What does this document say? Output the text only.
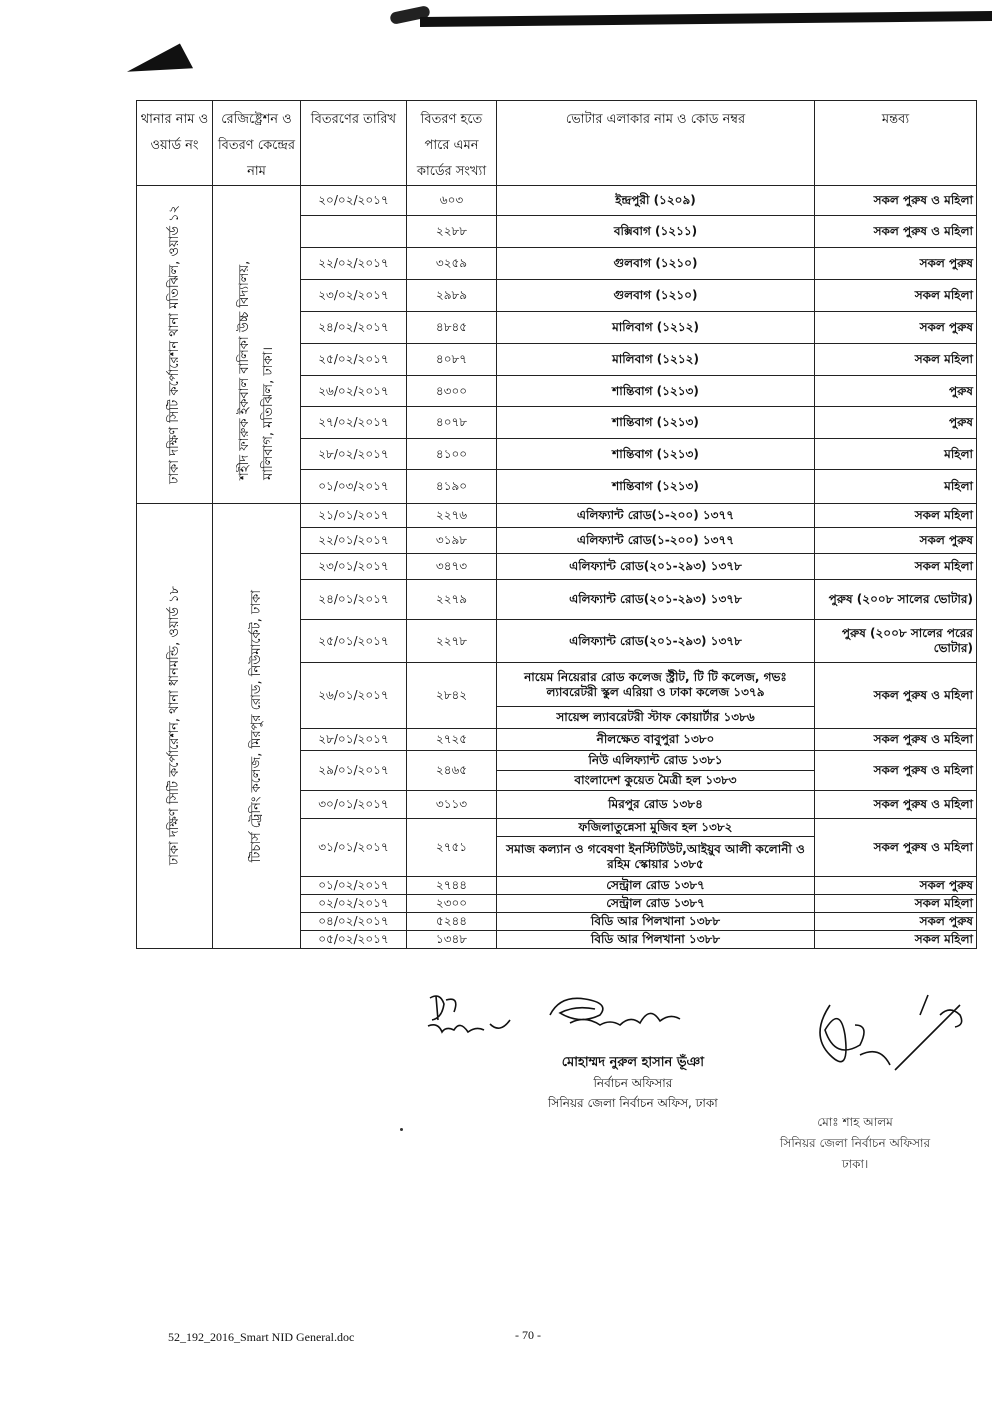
থানার নাম ও ওয়ার্ড নং	রেজিষ্ট্রেশন ও বিতরণ কেন্দ্রের নাম	বিতরণের তারিখ	বিতরণ হতে পারে এমন কার্ডের সংখ্যা	ভোটার এলাকার নাম ও কোড নম্বর	মন্তব্য

ঢাকা দক্ষিণ সিটি কর্পোরেশন থানা মতিঝিল, ওয়ার্ড ১২	শহীদ ফারুক ইকবাল বালিকা উচ্চ বিদ্যালয়, মালিবাগ, মতিঝিল, ঢাকা।	২০/০২/২০১৭	৬০৩	ইন্দ্রপুরী (১২০৯)	সকল পুরুষ ও মহিলা
			২২৮৮	বক্সিবাগ (১২১১)	সকল পুরুষ ও মহিলা
		২২/০২/২০১৭	৩২৫৯	গুলবাগ (১২১০)	সকল পুরুষ
		২৩/০২/২০১৭	২৯৮৯	গুলবাগ (১২১০)	সকল মহিলা
		২৪/০২/২০১৭	৪৮৪৫	মালিবাগ (১২১২)	সকল পুরুষ
		২৫/০২/২০১৭	৪০৮৭	মালিবাগ (১২১২)	সকল মহিলা
		২৬/০২/২০১৭	৪৩০০	শান্তিবাগ (১২১৩)	পুরুষ
		২৭/০২/২০১৭	৪০৭৮	শান্তিবাগ (১২১৩)	পুরুষ
		২৮/০২/২০১৭	৪১০০	শান্তিবাগ (১২১৩)	মহিলা
		০১/০৩/২০১৭	৪১৯০	শান্তিবাগ (১২১৩)	মহিলা

ঢাকা দক্ষিণ সিটি কর্পোরেশন, থানা ধানমন্ডি, ওয়ার্ড ১৮	টিচার্স ট্রেনিং কলেজ, মিরপুর রোড, নিউমার্কেট, ঢাকা	২১/০১/২০১৭	২২৭৬	এলিফ্যান্ট রোড(১-২০০) ১৩৭৭	সকল মহিলা
		২২/০১/২০১৭	৩১৯৮	এলিফ্যান্ট রোড(১-২০০) ১৩৭৭	সকল পুরুষ
		২৩/০১/২০১৭	৩৪৭৩	এলিফ্যান্ট রোড(২০১-২৯৩) ১৩৭৮	সকল মহিলা
		২৪/০১/২০১৭	২২৭৯	এলিফ্যান্ট রোড(২০১-২৯৩) ১৩৭৮	পুরুষ (২০০৮ সালের ভোটার)
		২৫/০১/২০১৭	২২৭৮	এলিফ্যান্ট রোড(২০১-২৯৩) ১৩৭৮	পুরুষ (২০০৮ সালের পরের ভোটার)
		২৬/০১/২০১৭	২৮৪২	নায়েম নিয়েরার রোড কলেজ স্ট্রীট, টি টি কলেজ, গভঃ ল্যাবরেটরী স্কুল এরিয়া ও ঢাকা কলেজ ১৩৭৯	সকল পুরুষ ও মহিলা
				সায়েন্স ল্যাবরেটরী স্টাফ কোয়ার্টার ১৩৮৬	
		২৮/০১/২০১৭	২৭২৫	নীলক্ষেত বাবুপুরা ১৩৮০	সকল পুরুষ ও মহিলা
		২৯/০১/২০১৭	২৪৬৫	নিউ এলিফ্যান্ট রোড ১৩৮১	সকল পুরুষ ও মহিলা
				বাংলাদেশ কুয়েত মৈত্রী হল ১৩৮৩	
		৩০/০১/২০১৭	৩১১৩	মিরপুর রোড ১৩৮৪	সকল পুরুষ ও মহিলা
		৩১/০১/২০১৭	২৭৫১	ফজিলাতুন্নেসা মুজিব হল ১৩৮২	সকল পুরুষ ও মহিলা
				সমাজ কল্যান ও গবেষণা ইনস্টিটিউট,আইয়ুব আলী কলোনী ও রহিম স্কোয়ার ১৩৮৫	
		০১/০২/২০১৭	২৭৪৪	সেন্ট্রাল রোড ১৩৮৭	সকল পুরুষ
		০২/০২/২০১৭	২৩০০	সেন্ট্রাল রোড ১৩৮৭	সকল মহিলা
		০৪/০২/২০১৭	৫২৪৪	বিডি আর পিলখানা ১৩৮৮	সকল পুরুষ
		০৫/০২/২০১৭	১৩৪৮	বিডি আর পিলখানা ১৩৮৮	সকল মহিলা
মোহাম্মদ নুরুল হাসান ভূঁঞা
নির্বাচন অফিসার
সিনিয়র জেলা নির্বাচন অফিস, ঢাকা
মোঃ শাহ আলম
সিনিয়র জেলা নির্বাচন অফিসার
ঢাকা।
52_192_2016_Smart NID General.doc	- 70 -
